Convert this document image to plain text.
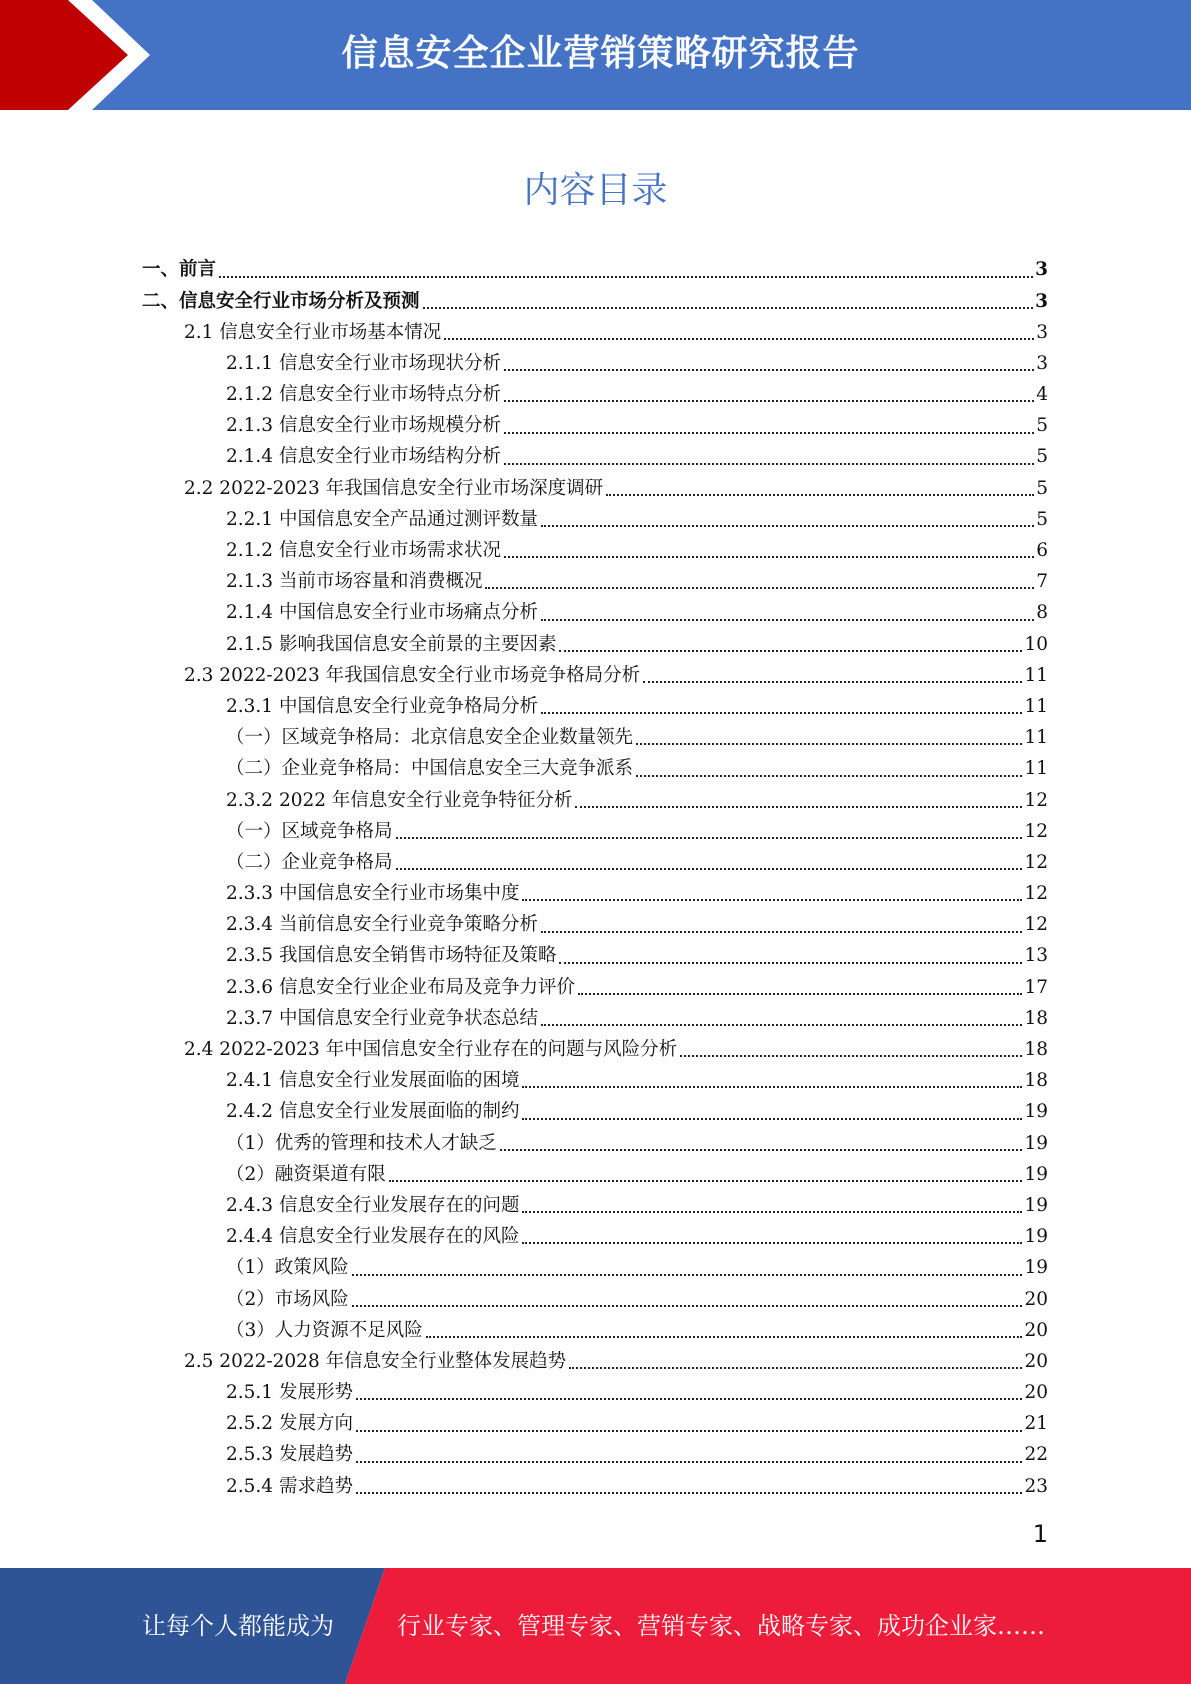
信息安全企业营销策略研究报告
内容目录
一、前言	3
二、信息安全行业市场分析及预测	3
2.1 信息安全行业市场基本情况	3
2.1.1 信息安全行业市场现状分析	3
2.1.2 信息安全行业市场特点分析	4
2.1.3 信息安全行业市场规模分析	5
2.1.4 信息安全行业市场结构分析	5
2.2 2022-2023 年我国信息安全行业市场深度调研	5
2.2.1 中国信息安全产品通过测评数量	5
2.1.2 信息安全行业市场需求状况	6
2.1.3 当前市场容量和消费概况	7
2.1.4 中国信息安全行业市场痛点分析	8
2.1.5 影响我国信息安全前景的主要因素	10
2.3 2022-2023 年我国信息安全行业市场竞争格局分析	11
2.3.1 中国信息安全行业竞争格局分析	11
（一）区域竞争格局：北京信息安全企业数量领先	11
（二）企业竞争格局：中国信息安全三大竞争派系	11
2.3.2 2022 年信息安全行业竞争特征分析	12
（一）区域竞争格局	12
（二）企业竞争格局	12
2.3.3 中国信息安全行业市场集中度	12
2.3.4 当前信息安全行业竞争策略分析	12
2.3.5 我国信息安全销售市场特征及策略	13
2.3.6 信息安全行业企业布局及竞争力评价	17
2.3.7 中国信息安全行业竞争状态总结	18
2.4 2022-2023 年中国信息安全行业存在的问题与风险分析	18
2.4.1 信息安全行业发展面临的困境	18
2.4.2 信息安全行业发展面临的制约	19
（1）优秀的管理和技术人才缺乏	19
（2）融资渠道有限	19
2.4.3 信息安全行业发展存在的问题	19
2.4.4 信息安全行业发展存在的风险	19
（1）政策风险	19
（2）市场风险	20
（3）人力资源不足风险	20
2.5 2022-2028 年信息安全行业整体发展趋势	20
2.5.1 发展形势	20
2.5.2 发展方向	21
2.5.3 发展趋势	22
2.5.4 需求趋势	23
1
让每个人都能成为	行业专家、管理专家、营销专家、战略专家、成功企业家……
